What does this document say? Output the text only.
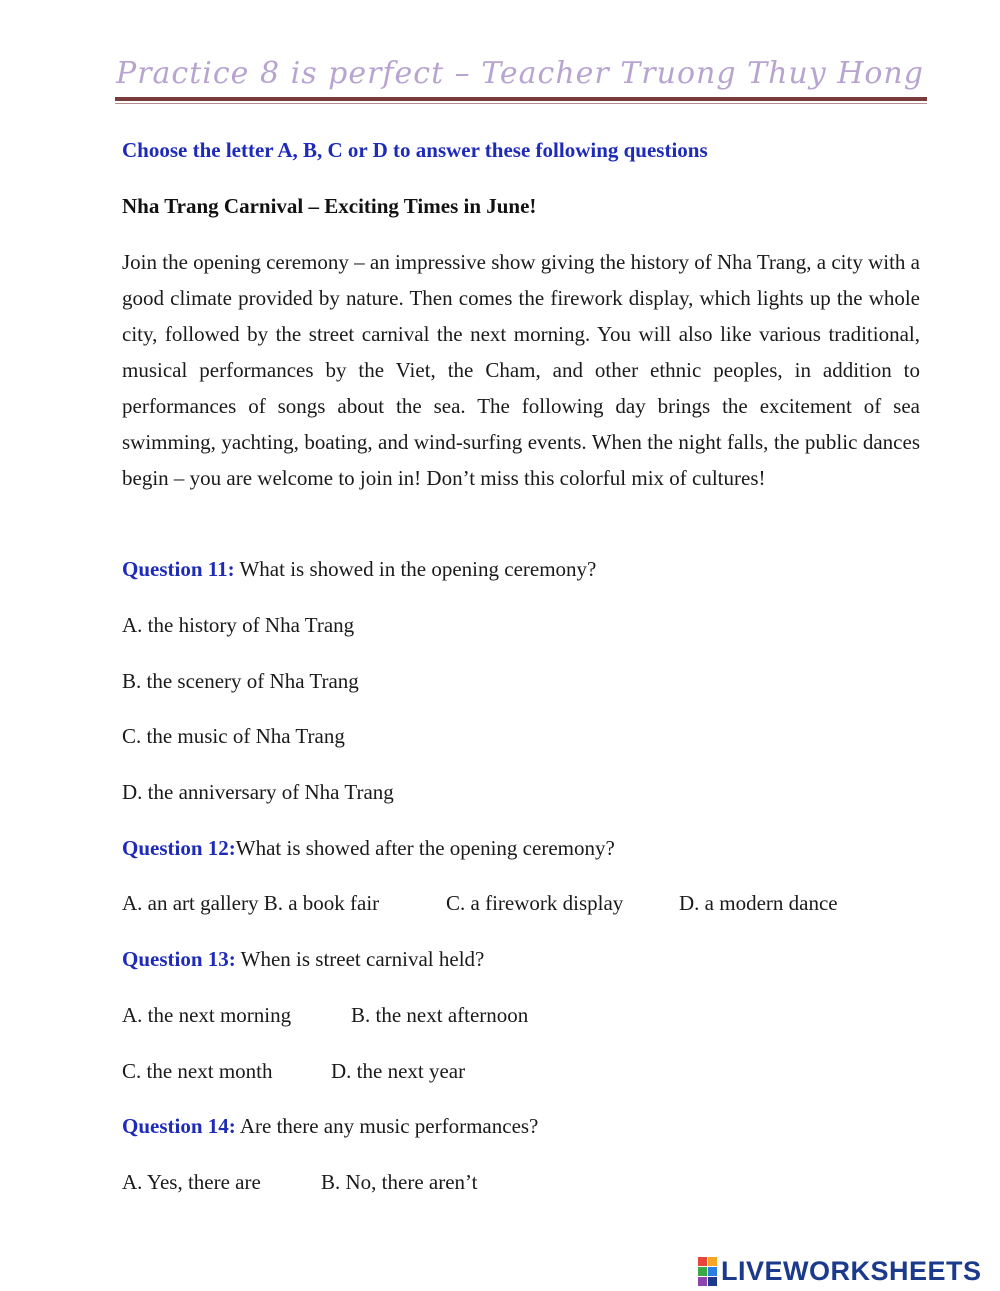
Practice 8 is perfect – Teacher Truong Thuy Hong
Choose the letter A, B, C or D to answer these following questions
Nha Trang Carnival – Exciting Times in June!
Join the opening ceremony – an impressive show giving the history of Nha Trang, a city with a good climate provided by nature. Then comes the firework display, which lights up the whole city, followed by the street carnival the next morning. You will also like various traditional, musical performances by the Viet, the Cham, and other ethnic peoples, in addition to performances of songs about the sea. The following day brings the excitement of sea swimming, yachting, boating, and wind-surfing events. When the night falls, the public dances begin – you are welcome to join in! Don’t miss this colorful mix of cultures!
Question 11: What is showed in the opening ceremony?
A. the history of Nha Trang
B. the scenery of Nha Trang
C. the music of Nha Trang
D. the anniversary of Nha Trang
Question 12:What is showed after the opening ceremony?
A. an art gallery B. a book fair	C. a firework display	D. a modern dance
Question 13: When is street carnival held?
A. the next morning	B. the next afternoon
C. the next month	D. the next year
Question 14: Are there any music performances?
A. Yes, there are	B. No, there aren’t
LIVEWORKSHEETS
